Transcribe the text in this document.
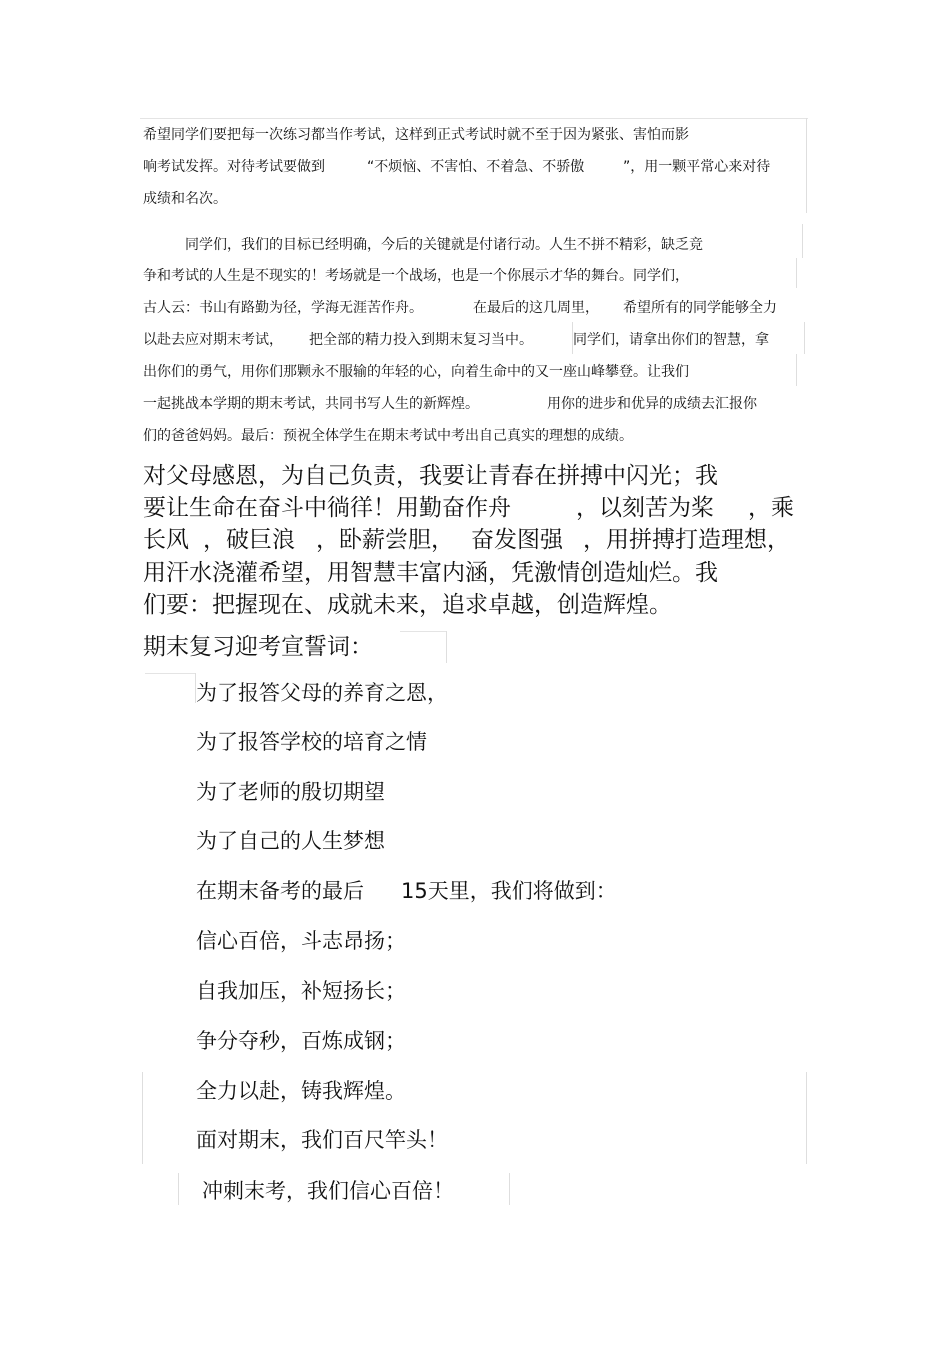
希望同学们要把每一次练习都当作考试，这样到正式考试时就不至于因为紧张、害怕而影
响考试发挥。对待考试要做到	“不烦恼、不害怕、不着急、不骄傲	”，用一颗平常心来对待
成绩和名次。
同学们，我们的目标已经明确，今后的关键就是付诸行动。人生不拼不精彩，缺乏竞
争和考试的人生是不现实的！考场就是一个战场，也是一个你展示才华的舞台。同学们，
古人云：书山有路勤为径，学海无涯苦作舟。	在最后的这几周里， 希望所有的同学能够全力
以赴去应对期末考试， 把全部的精力投入到期末复习当中。	同学们，请拿出你们的智慧，拿
出你们的勇气，用你们那颗永不服输的年轻的心，向着生命中的又一座山峰攀登。让我们
一起挑战本学期的期末考试，共同书写人生的新辉煌。	用你的进步和优异的成绩去汇报你
们的爸爸妈妈。最后：预祝全体学生在期末考试中考出自己真实的理想的成绩。
对父母感恩，为自己负责，我要让青春在拼搏中闪光；我
要让生命在奋斗中徜徉！用勤奋作舟	，以刻苦为桨 ，乘
长风 ，破巨浪 ，卧薪尝胆， 奋发图强 ，用拼搏打造理想，
用汗水浇灌希望，用智慧丰富内涵，凭激情创造灿烂。我
们要：把握现在、成就未来，追求卓越，创造辉煌。
期末复习迎考宣誓词：
为了报答父母的养育之恩，
为了报答学校的培育之情
为了老师的殷切期望
为了自己的人生梦想
在期末备考的最后 15天里，我们将做到：
信心百倍，斗志昂扬；
自我加压，补短扬长；
争分夺秒，百炼成钢；
全力以赴，铸我辉煌。
面对期末，我们百尺竿头！
冲刺末考，我们信心百倍！
